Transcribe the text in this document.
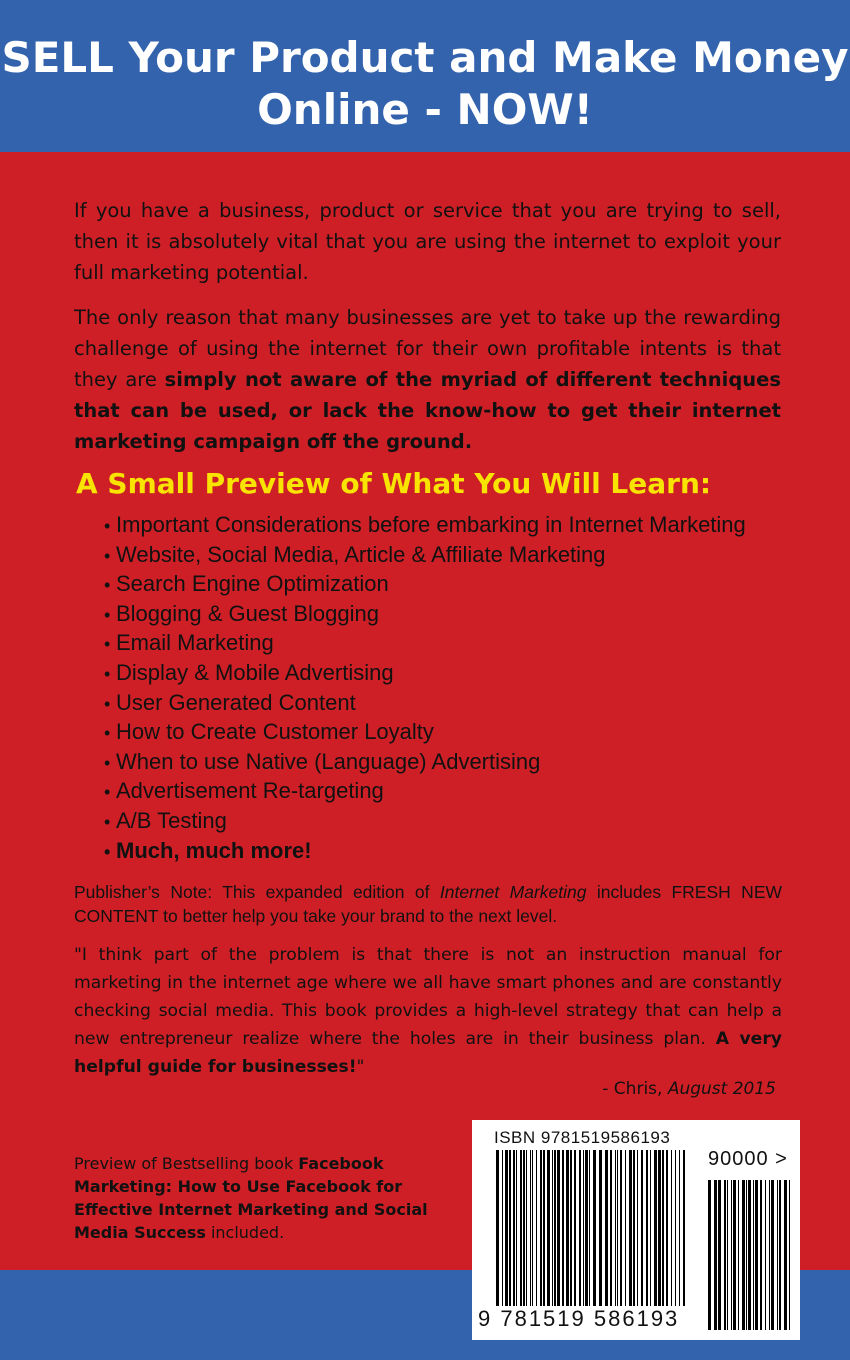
SELL Your Product and Make Money Online - NOW!

If you have a business, product or service that you are trying to sell, then it is absolutely vital that you are using the internet to exploit your full marketing potential.

The only reason that many businesses are yet to take up the rewarding challenge of using the internet for their own profitable intents is that they are simply not aware of the myriad of different techniques that can be used, or lack the know-how to get their internet marketing campaign off the ground.

A Small Preview of What You Will Learn:
• Important Considerations before embarking in Internet Marketing
• Website, Social Media, Article & Affiliate Marketing
• Search Engine Optimization
• Blogging & Guest Blogging
• Email Marketing
• Display & Mobile Advertising
• User Generated Content
• How to Create Customer Loyalty
• When to use Native (Language) Advertising
• Advertisement Re-targeting
• A/B Testing
• Much, much more!

Publisher’s Note: This expanded edition of Internet Marketing includes FRESH NEW CONTENT to better help you take your brand to the next level.

"I think part of the problem is that there is not an instruction manual for marketing in the internet age where we all have smart phones and are constantly checking social media. This book provides a high-level strategy that can help a new entrepreneur realize where the holes are in their business plan. A very helpful guide for businesses!"

- Chris, August 2015

Preview of Bestselling book Facebook Marketing: How to Use Facebook for Effective Internet Marketing and Social Media Success included.

ISBN 9781519586193
90000 >
9 781519 586193
